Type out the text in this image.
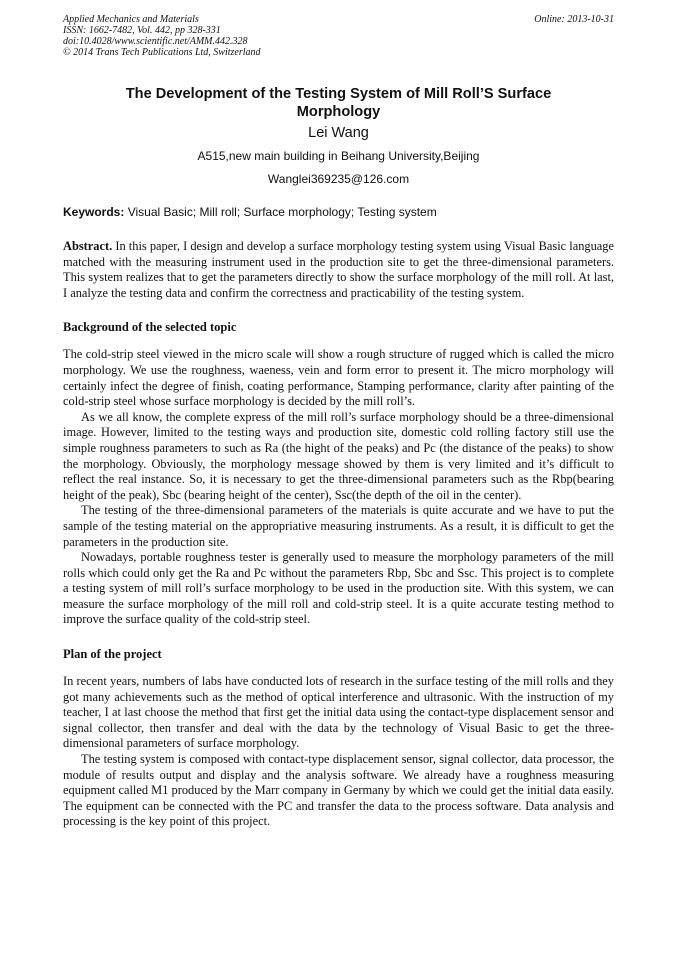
Applied Mechanics and Materials
ISSN: 1662-7482, Vol. 442, pp 328-331
doi:10.4028/www.scientific.net/AMM.442.328
© 2014 Trans Tech Publications Ltd, Switzerland
Online: 2013-10-31
The Development of the Testing System of Mill Roll’S Surface Morphology
Lei Wang
A515,new main building in Beihang University,Beijing
Wanglei369235@126.com
Keywords: Visual Basic; Mill roll; Surface morphology; Testing system

Abstract. In this paper, I design and develop a surface morphology testing system using Visual Basic language matched with the measuring instrument used in the production site to get the three-dimensional parameters. This system realizes that to get the parameters directly to show the surface morphology of the mill roll. At last, I analyze the testing data and confirm the correctness and practicability of the testing system.

Background of the selected topic

The cold-strip steel viewed in the micro scale will show a rough structure of rugged which is called the micro morphology. We use the roughness, waeness, vein and form error to present it. The micro morphology will certainly infect the degree of finish, coating performance, Stamping performance, clarity after painting of the cold-strip steel whose surface morphology is decided by the mill roll’s.

As we all know, the complete express of the mill roll’s surface morphology should be a three-dimensional image. However, limited to the testing ways and production site, domestic cold rolling factory still use the simple roughness parameters to such as Ra (the hight of the peaks) and Pc (the distance of the peaks) to show the morphology. Obviously, the morphology message showed by them is very limited and it’s difficult to reflect the real instance. So, it is necessary to get the three-dimensional parameters such as the Rbp(bearing height of the peak), Sbc (bearing height of the center), Ssc(the depth of the oil in the center).

The testing of the three-dimensional parameters of the materials is quite accurate and we have to put the sample of the testing material on the appropriative measuring instruments. As a result, it is difficult to get the parameters in the production site.

Nowadays, portable roughness tester is generally used to measure the morphology parameters of the mill rolls which could only get the Ra and Pc without the parameters Rbp, Sbc and Ssc. This project is to complete a testing system of mill roll’s surface morphology to be used in the production site. With this system, we can measure the surface morphology of the mill roll and cold-strip steel. It is a quite accurate testing method to improve the surface quality of the cold-strip steel.

Plan of the project

In recent years, numbers of labs have conducted lots of research in the surface testing of the mill rolls and they got many achievements such as the method of optical interference and ultrasonic. With the instruction of my teacher, I at last choose the method that first get the initial data using the contact-type displacement sensor and signal collector, then transfer and deal with the data by the technology of Visual Basic to get the three-dimensional parameters of surface morphology.

The testing system is composed with contact-type displacement sensor, signal collector, data processor, the module of results output and display and the analysis software. We already have a roughness measuring equipment called M1 produced by the Marr company in Germany by which we could get the initial data easily. The equipment can be connected with the PC and transfer the data to the process software. Data analysis and processing is the key point of this project.
